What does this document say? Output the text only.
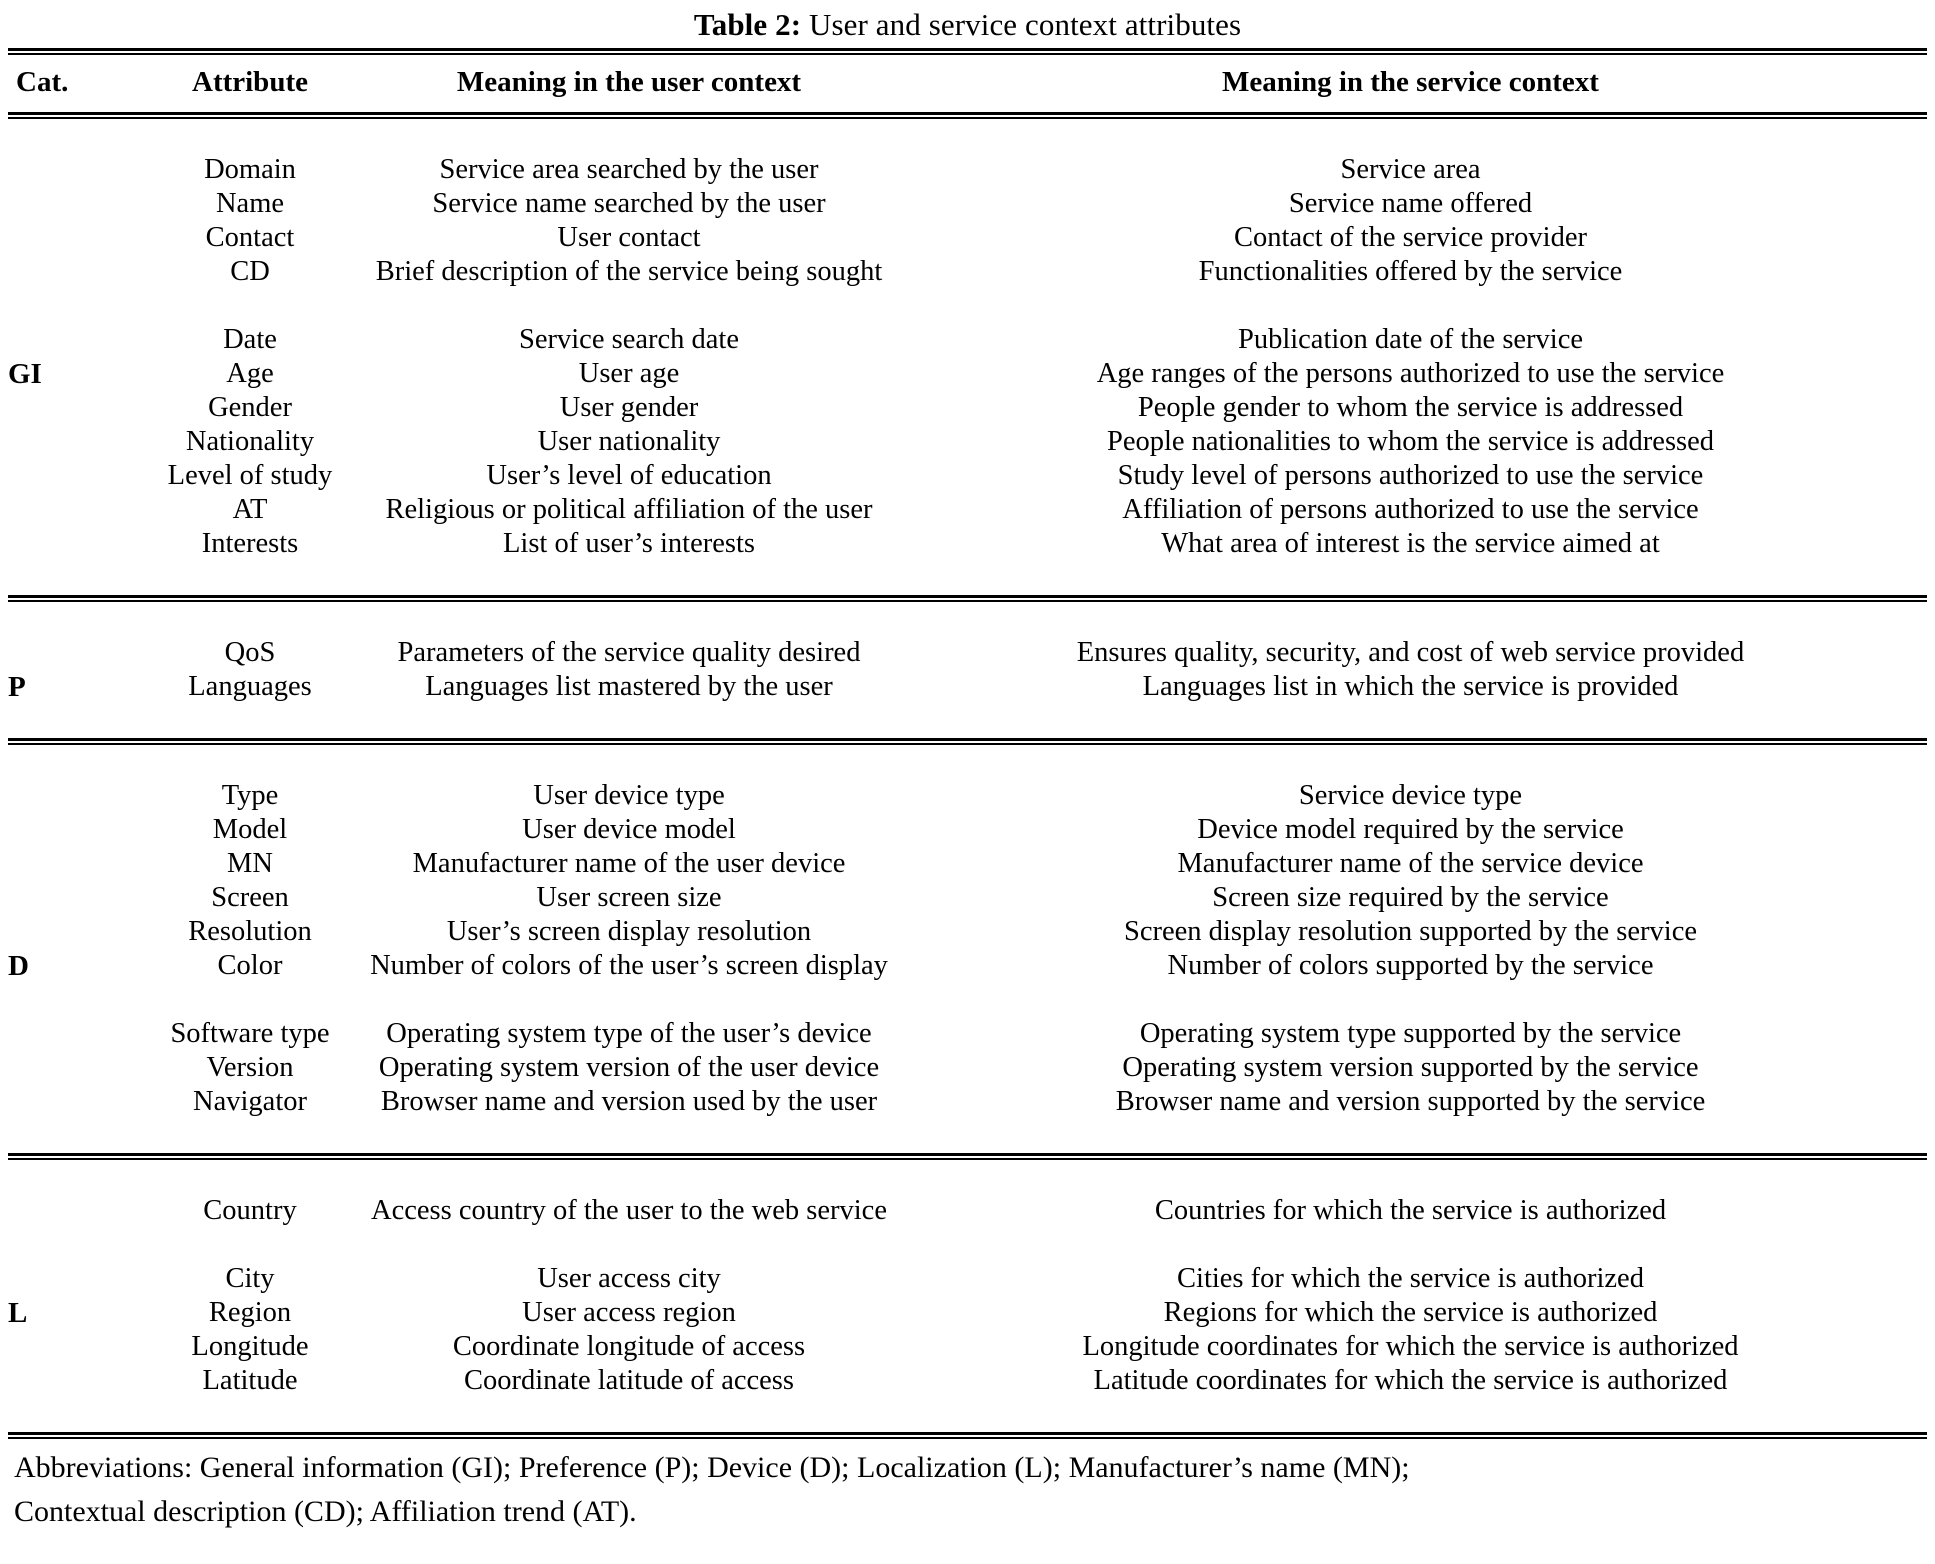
Table 2: User and service context attributes
Cat.	Attribute	Meaning in the user context	Meaning in the service context

GI	Domain	Service area searched by the user	Service area
	Name	Service name searched by the user	Service name offered
	Contact	User contact	Contact of the service provider
	CD	Brief description of the service being sought	Functionalities offered by the service
	Date	Service search date	Publication date of the service
	Age	User age	Age ranges of the persons authorized to use the service
	Gender	User gender	People gender to whom the service is addressed
	Nationality	User nationality	People nationalities to whom the service is addressed
	Level of study	User’s level of education	Study level of persons authorized to use the service
	AT	Religious or political affiliation of the user	Affiliation of persons authorized to use the service
	Interests	List of user’s interests	What area of interest is the service aimed at

P	QoS	Parameters of the service quality desired	Ensures quality, security, and cost of web service provided
	Languages	Languages list mastered by the user	Languages list in which the service is provided

D	Type	User device type	Service device type
	Model	User device model	Device model required by the service
	MN	Manufacturer name of the user device	Manufacturer name of the service device
	Screen	User screen size	Screen size required by the service
	Resolution	User’s screen display resolution	Screen display resolution supported by the service
	Color	Number of colors of the user’s screen display	Number of colors supported by the service
	Software type	Operating system type of the user’s device	Operating system type supported by the service
	Version	Operating system version of the user device	Operating system version supported by the service
	Navigator	Browser name and version used by the user	Browser name and version supported by the service

L	Country	Access country of the user to the web service	Countries for which the service is authorized
	City	User access city	Cities for which the service is authorized
	Region	User access region	Regions for which the service is authorized
	Longitude	Coordinate longitude of access	Longitude coordinates for which the service is authorized
	Latitude	Coordinate latitude of access	Latitude coordinates for which the service is authorized

Abbreviations: General information (GI); Preference (P); Device (D); Localization (L); Manufacturer’s name (MN);
Contextual description (CD); Affiliation trend (AT).
